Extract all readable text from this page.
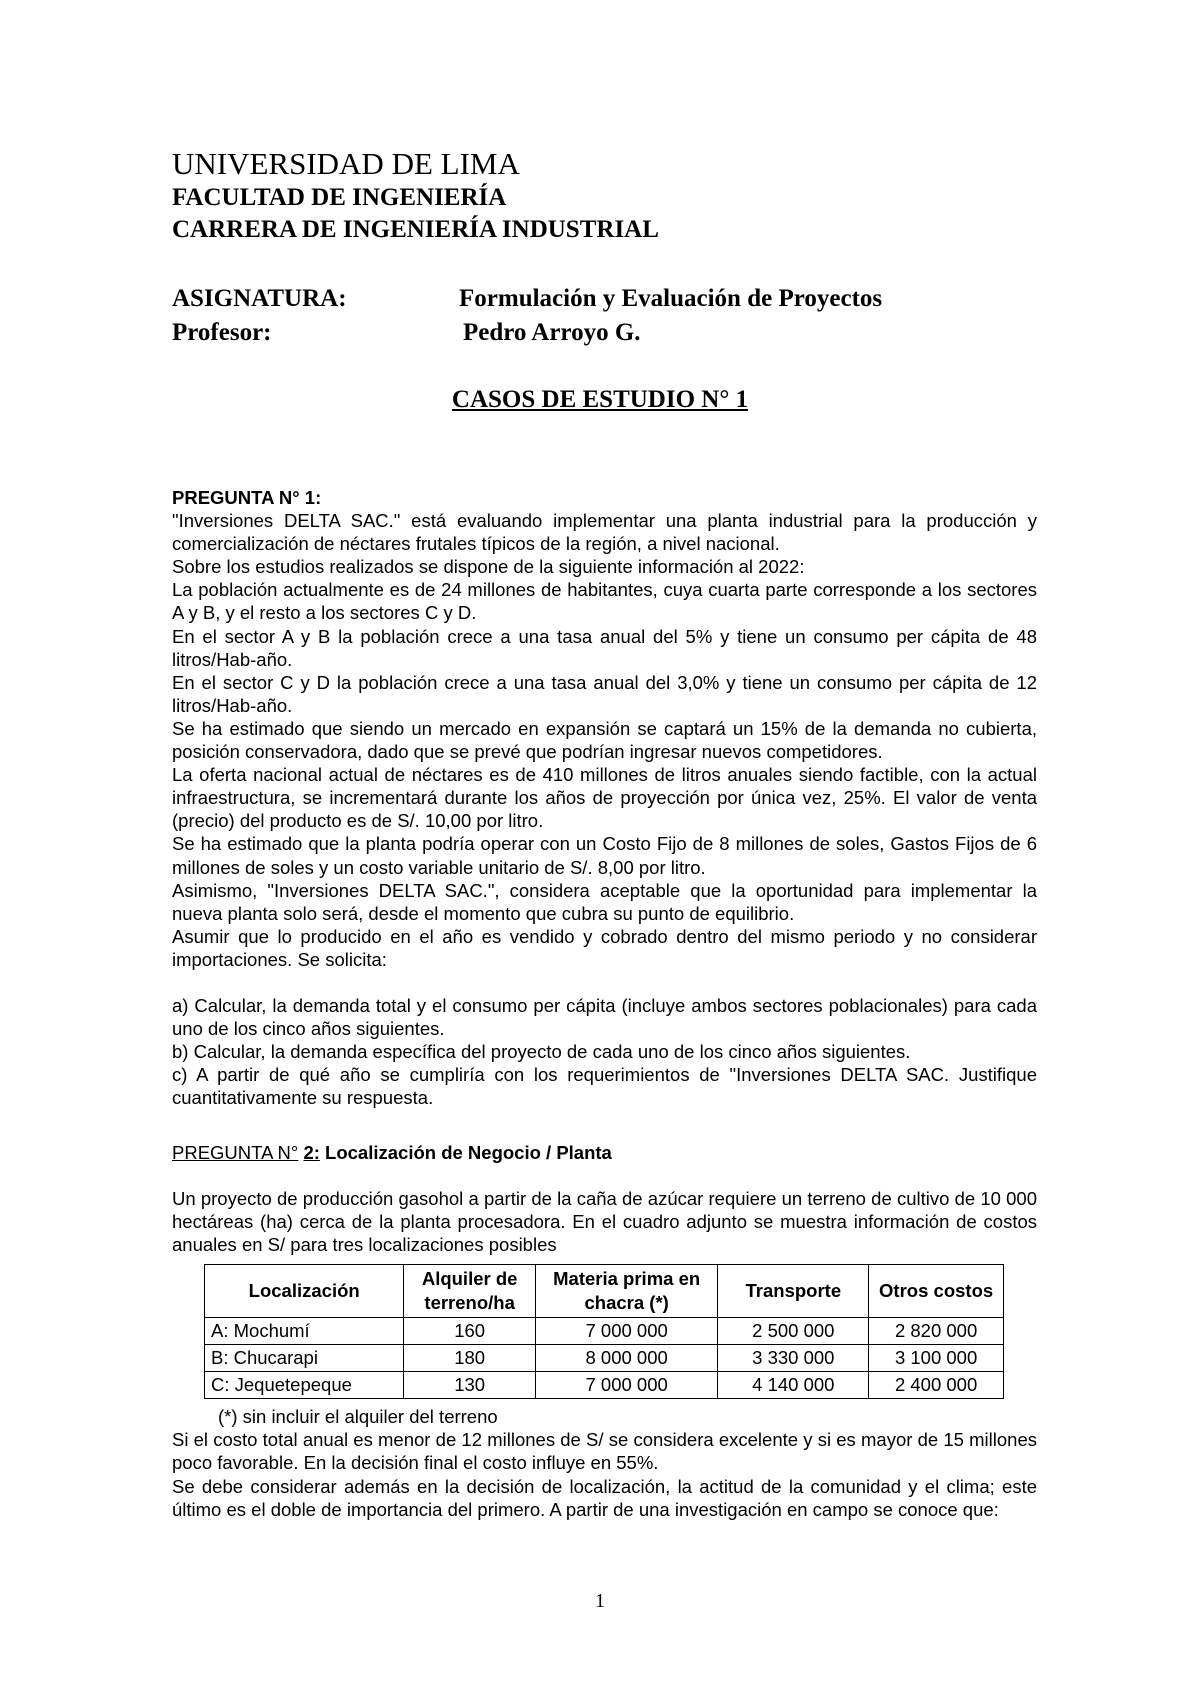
UNIVERSIDAD DE LIMA
FACULTAD DE INGENIERÍA
CARRERA DE INGENIERÍA INDUSTRIAL
ASIGNATURA:	Formulación y Evaluación de Proyectos
Profesor:	Pedro Arroyo G.
CASOS DE ESTUDIO N° 1

PREGUNTA N° 1:

"Inversiones DELTA SAC." está evaluando implementar una planta industrial para la producción y comercialización de néctares frutales típicos de la región, a nivel nacional.

Sobre los estudios realizados se dispone de la siguiente información al 2022:

La población actualmente es de 24 millones de habitantes, cuya cuarta parte corresponde a los sectores A y B, y el resto a los sectores C y D.

En el sector A y B la población crece a una tasa anual del 5% y tiene un consumo per cápita de 48 litros/Hab-año.

En el sector C y D la población crece a una tasa anual del 3,0% y tiene un consumo per cápita de 12 litros/Hab-año.

Se ha estimado que siendo un mercado en expansión se captará un 15% de la demanda no cubierta, posición conservadora, dado que se prevé que podrían ingresar nuevos competidores.

La oferta nacional actual de néctares es de 410 millones de litros anuales siendo factible, con la actual infraestructura, se incrementará durante los años de proyección por única vez, 25%. El valor de venta (precio) del producto es de S/. 10,00 por litro.

Se ha estimado que la planta podría operar con un Costo Fijo de 8 millones de soles, Gastos Fijos de 6 millones de soles y un costo variable unitario de S/. 8,00 por litro.

Asimismo, "Inversiones DELTA SAC.", considera aceptable que la oportunidad para implementar la nueva planta solo será, desde el momento que cubra su punto de equilibrio.

Asumir que lo producido en el año es vendido y cobrado dentro del mismo periodo y no considerar importaciones. Se solicita:

a) Calcular, la demanda total y el consumo per cápita (incluye ambos sectores poblacionales) para cada uno de los cinco años siguientes.

b) Calcular, la demanda específica del proyecto de cada uno de los cinco años siguientes.

c) A partir de qué año se cumpliría con los requerimientos de "Inversiones DELTA SAC. Justifique cuantitativamente su respuesta.

PREGUNTA N° 2: Localización de Negocio / Planta

Un proyecto de producción gasohol a partir de la caña de azúcar requiere un terreno de cultivo de 10 000 hectáreas (ha) cerca de la planta procesadora. En el cuadro adjunto se muestra información de costos anuales en S/ para tres localizaciones posibles

Localización	Alquiler de terreno/ha	Materia prima en chacra (*)	Transporte	Otros costos
A: Mochumí	160	7 000 000	2 500 000	2 820 000
B: Chucarapi	180	8 000 000	3 330 000	3 100 000
C: Jequetepeque	130	7 000 000	4 140 000	2 400 000

(*) sin incluir el alquiler del terreno

Si el costo total anual es menor de 12 millones de S/ se considera excelente y si es mayor de 15 millones poco favorable. En la decisión final el costo influye en 55%.

Se debe considerar además en la decisión de localización, la actitud de la comunidad y el clima; este último es el doble de importancia del primero. A partir de una investigación en campo se conoce que:

1
